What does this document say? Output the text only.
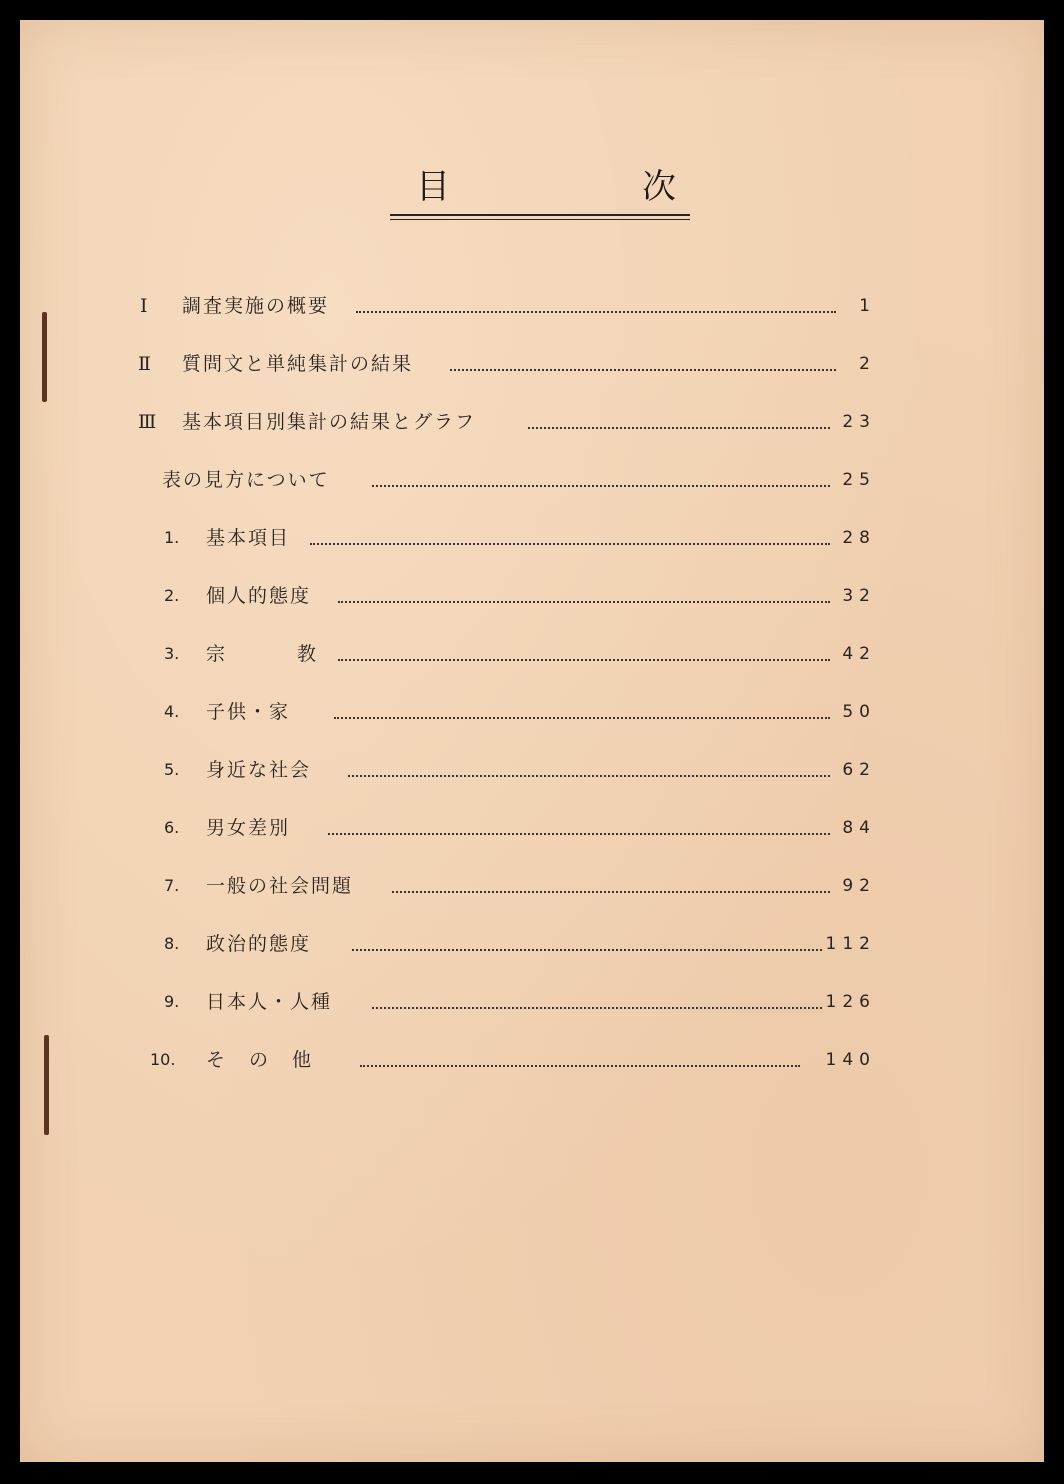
目	次
Ⅰ 調査実施の概要	1
Ⅱ 質問文と単純集計の結果	2
Ⅲ 基本項目別集計の結果とグラフ	23
表の見方について	25
1. 基本項目	28
2. 個人的態度	32
3. 宗教	42
4. 子供・家	50
5. 身近な社会	62
6. 男女差別	84
7. 一般の社会問題	92
8. 政治的態度	112
9. 日本人・人種	126
10. その他	140
